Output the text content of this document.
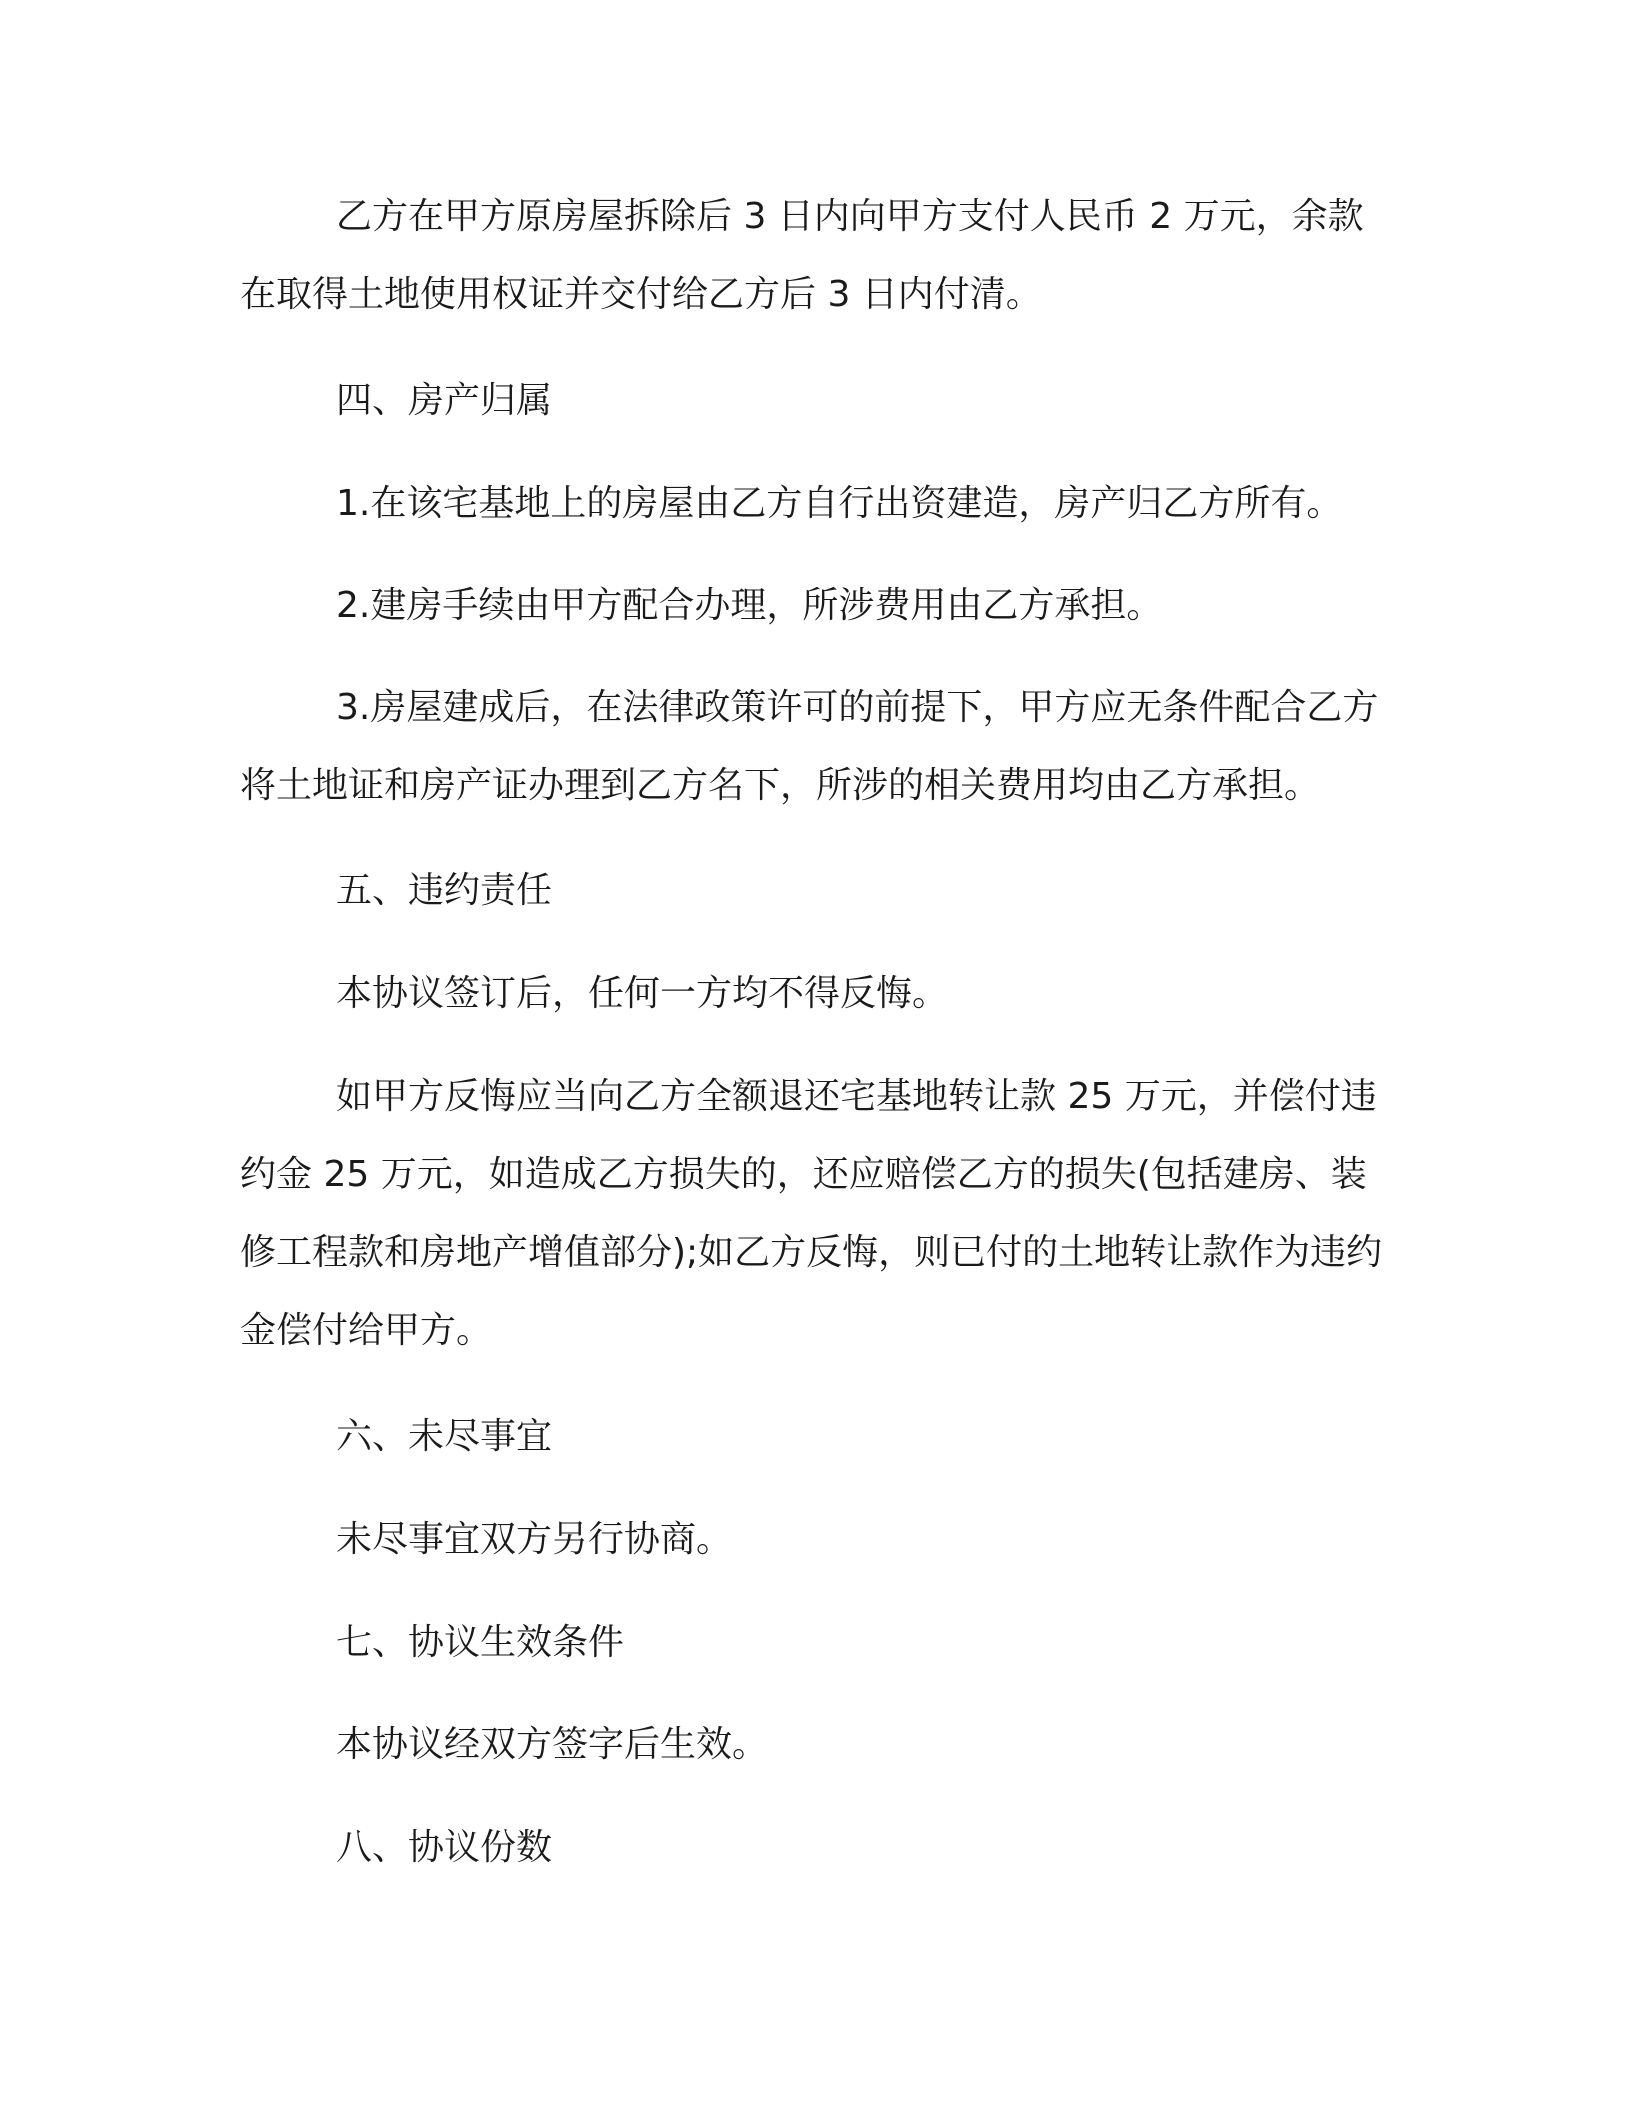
乙方在甲方原房屋拆除后 3 日内向甲方支付人民币 2 万元，余款在取得土地使用权证并交付给乙方后 3 日内付清。

四、房产归属

1.在该宅基地上的房屋由乙方自行出资建造，房产归乙方所有。

2.建房手续由甲方配合办理，所涉费用由乙方承担。

3.房屋建成后，在法律政策许可的前提下，甲方应无条件配合乙方将土地证和房产证办理到乙方名下，所涉的相关费用均由乙方承担。

五、违约责任

本协议签订后，任何一方均不得反悔。

如甲方反悔应当向乙方全额退还宅基地转让款 25 万元，并偿付违约金 25 万元，如造成乙方损失的，还应赔偿乙方的损失(包括建房、装修工程款和房地产增值部分);如乙方反悔，则已付的土地转让款作为违约金偿付给甲方。

六、未尽事宜

未尽事宜双方另行协商。

七、协议生效条件

本协议经双方签字后生效。

八、协议份数
